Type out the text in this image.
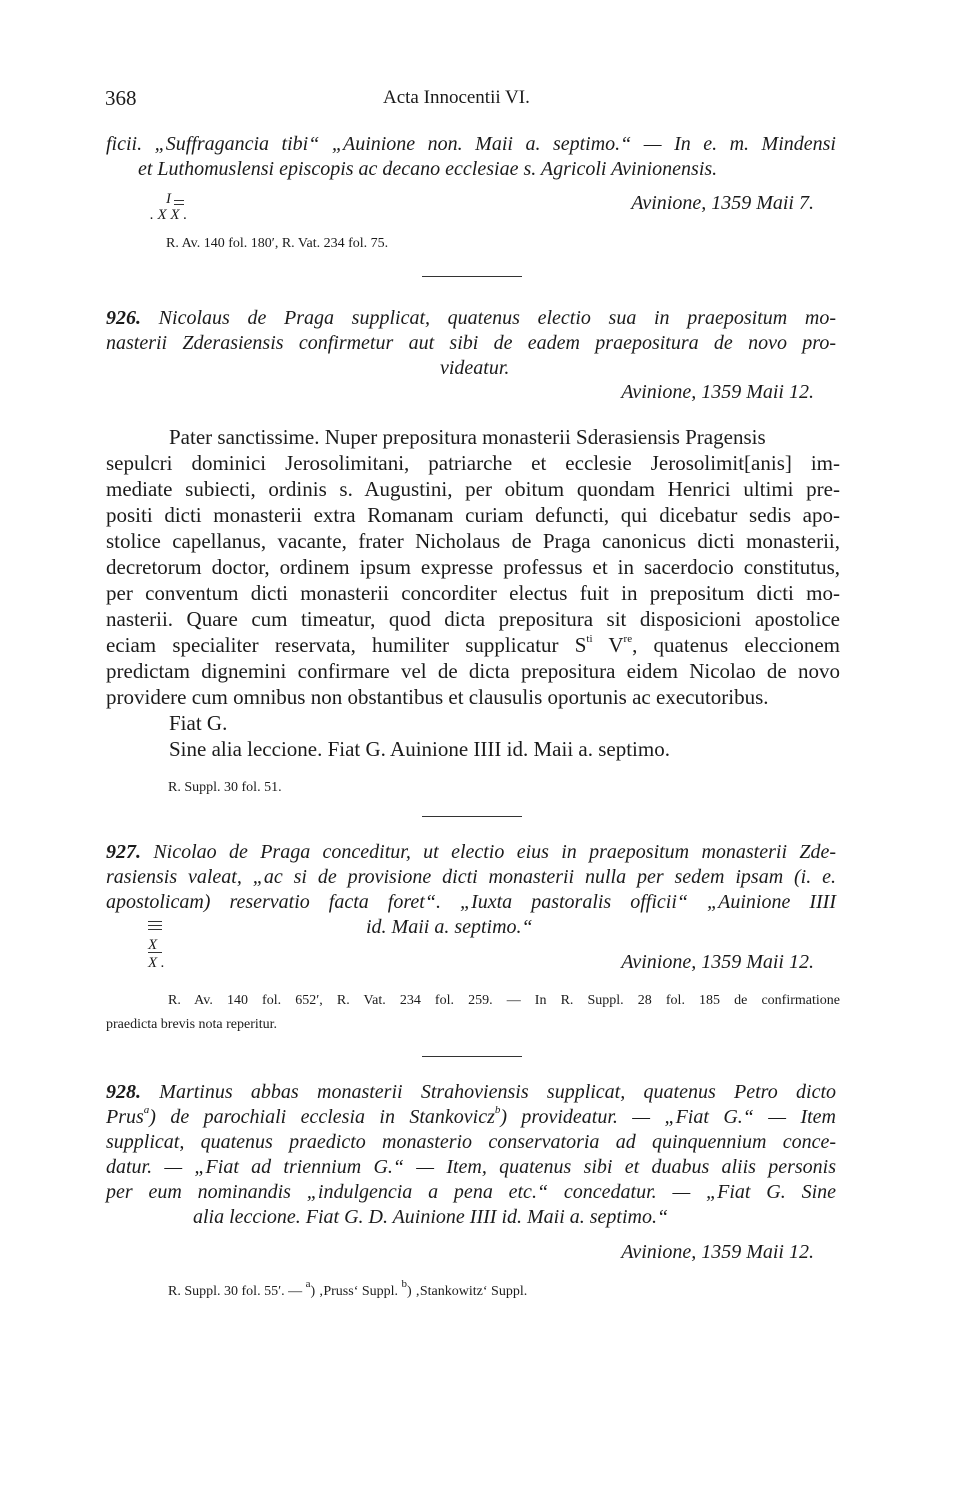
368	Acta Innocentii VI.
ficii. „Suffragancia tibi“ „Auinione non. Maii a. septimo.“ — In e. m. Mindensi
et Luthomuslensi episcopis ac decano ecclesiae s. Agricoli Avinionensis.
I
. X X .
Avinione, 1359 Maii 7.
R. Av. 140 fol. 180′, R. Vat. 234 fol. 75.
926. Nicolaus de Praga supplicat, quatenus electio sua in praepositum mo-
nasterii Zderasiensis confirmetur aut sibi de eadem praepositura de novo pro-
videatur.
Avinione, 1359 Maii 12.
Pater sanctissime. Nuper prepositura monasterii Sderasiensis Pragensis
sepulcri dominici Jerosolimitani, patriarche et ecclesie Jerosolimit[anis] im-
mediate subiecti, ordinis s. Augustini, per obitum quondam Henrici ultimi pre-
positi dicti monasterii extra Romanam curiam defuncti, qui dicebatur sedis apo-
stolice capellanus, vacante, frater Nicholaus de Praga canonicus dicti monasterii,
decretorum doctor, ordinem ipsum expresse professus et in sacerdocio constitutus,
per conventum dicti monasterii concorditer electus fuit in prepositum dicti mo-
nasterii. Quare cum timeatur, quod dicta prepositura sit disposicioni apostolice
eciam specialiter reservata, humiliter supplicatur $S^{ti}$ Vre, quatenus eleccionem
predictam dignemini confirmare vel de dicta prepositura eidem Nicolao de novo
providere cum omnibus non obstantibus et clausulis oportunis ac executoribus.
Fiat G.
Sine alia leccione. Fiat G. Auinione IIII id. Maii a. septimo.
R. Suppl. 30 fol. 51.
927. Nicolao de Praga conceditur, ut electio eius in praepositum monasterii Zde-
rasiensis valeat, „ac si de provisione dicti monasterii nulla per sedem ipsam (i. e.
apostolicam) reservatio facta foret“. „Iuxta pastoralis officii“ „Auinione IIII
id. Maii a. septimo.“
X
X .	Avinione, 1359 Maii 12.
R. Av. 140 fol. 652′, R. Vat. 234 fol. 259. — In R. Suppl. 28 fol. 185 de confirmatione
praedicta brevis nota reperitur.
928. Martinus abbas monasterii Strahoviensis supplicat, quatenus Petro dicto
Prus$^a$) de parochiali ecclesia in Stankovicz$^b$) provideatur. — „Fiat G.“ — Item
supplicat, quatenus praedicto monasterio conservatoria ad quinquennium conce-
datur. — „Fiat ad triennium G.“ — Item, quatenus sibi et duabus aliis personis
per eum nominandis „indulgencia a pena etc.“ concedatur. — „Fiat G. Sine
alia leccione. Fiat G. D. Auinione IIII id. Maii a. septimo.“
Avinione, 1359 Maii 12.
R. Suppl. 30 fol. 55′. — $^a$) ‚Pruss‘ Suppl. $^b$) ‚Stankowitz‘ Suppl.
